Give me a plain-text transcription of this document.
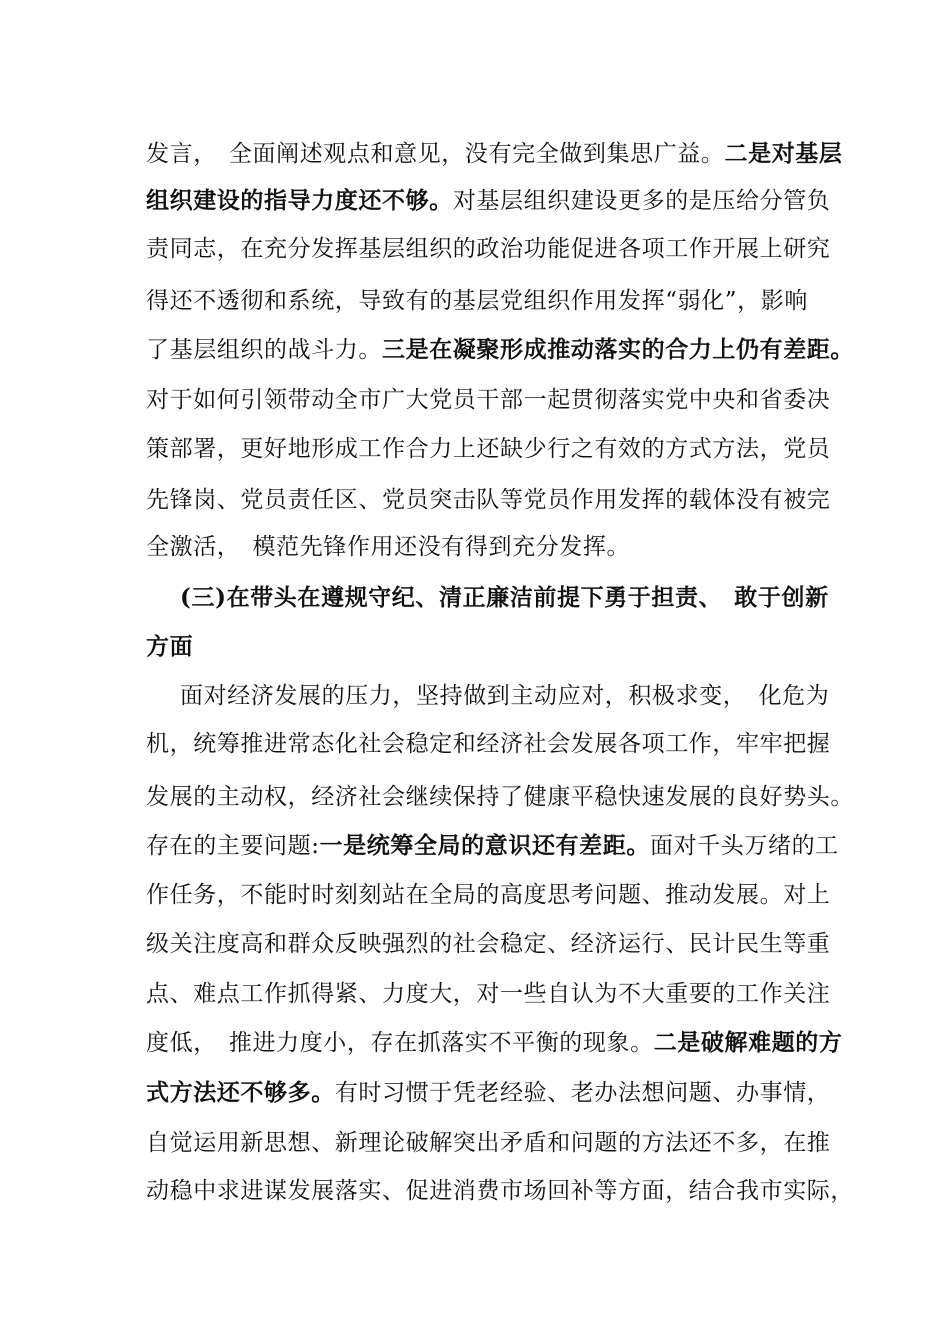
发言，　全面阐述观点和意见，没有完全做到集思广益。二是对基层
组织建设的指导力度还不够。对基层组织建设更多的是压给分管负
责同志，在充分发挥基层组织的政治功能促进各项工作开展上研究
得还不透彻和系统，导致有的基层党组织作用发挥“弱化”，影响
了基层组织的战斗力。三是在凝聚形成推动落实的合力上仍有差距。
对于如何引领带动全市广大党员干部一起贯彻落实党中央和省委决
策部署，更好地形成工作合力上还缺少行之有效的方式方法，党员
先锋岗、党员责任区、党员突击队等党员作用发挥的载体没有被完
全激活，　模范先锋作用还没有得到充分发挥。
(三)在带头在遵规守纪、清正廉洁前提下勇于担责、　敢于创新
方面
面对经济发展的压力，坚持做到主动应对，积极求变，　化危为
机，统筹推进常态化社会稳定和经济社会发展各项工作，牢牢把握
发展的主动权，经济社会继续保持了健康平稳快速发展的良好势头。
存在的主要问题:一是统筹全局的意识还有差距。面对千头万绪的工
作任务，不能时时刻刻站在全局的高度思考问题、推动发展。对上
级关注度高和群众反映强烈的社会稳定、经济运行、民计民生等重
点、难点工作抓得紧、力度大，对一些自认为不大重要的工作关注
度低，　推进力度小，存在抓落实不平衡的现象。二是破解难题的方
式方法还不够多。有时习惯于凭老经验、老办法想问题、办事情，
自觉运用新思想、新理论破解突出矛盾和问题的方法还不多，在推
动稳中求进谋发展落实、促进消费市场回补等方面，结合我市实际，
